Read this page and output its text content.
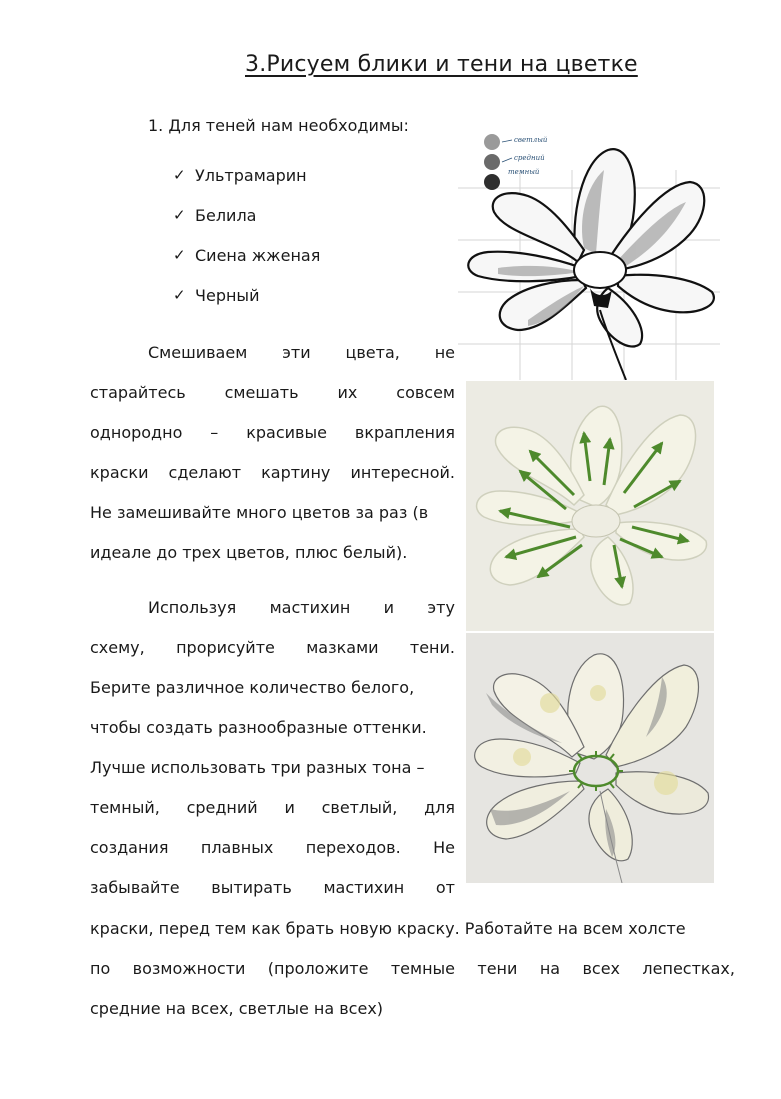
3.Рисуем блики и тени на цветке

1. Для теней нам необходимы:

✓ Ультрамарин
✓ Белила
✓ Сиена жженая
✓ Черный
Смешиваем эти цвета, не
старайтесь смешать их совсем
однородно – красивые вкрапления
краски сделают картину интересной.
Не замешивайте много цветов за раз (в
идеале до трех цветов, плюс белый).
Используя мастихин и эту
схему, прорисуйте мазками тени.
Берите различное количество белого,
чтобы создать разнообразные оттенки.
Лучше использовать три разных тона –
темный, средний и светлый, для
создания плавных переходов. Не
забывайте вытирать мастихин от
краски, перед тем как брать новую краску. Работайте на всем холсте
по возможности (проложите темные тени на всех лепестках,
средние на всех, светлые на всех)
светлый
средний
темный
